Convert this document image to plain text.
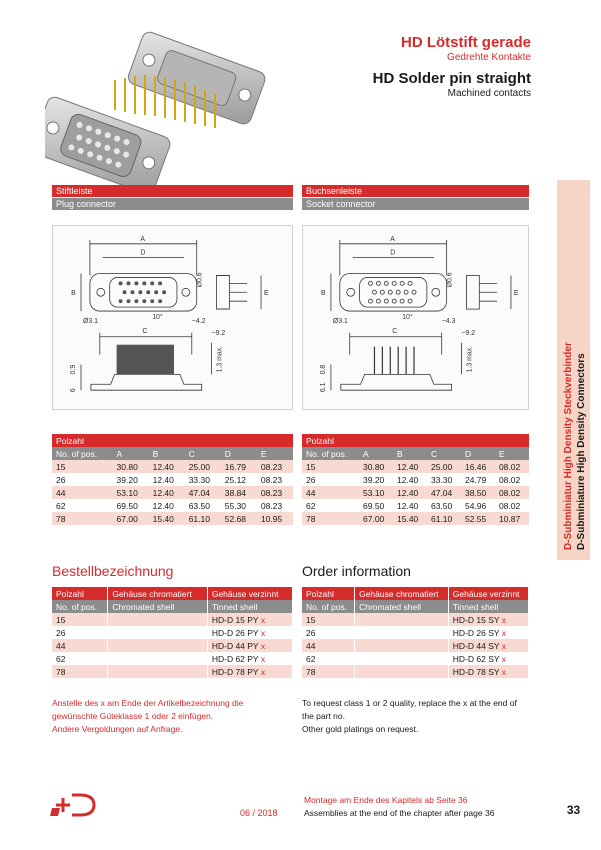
HD Lötstift gerade
Gedrehte Kontakte
HD Solder pin straight
Machined contacts
Stiftleiste
Plug connector
Buchsenleiste
Socket connector
A
D
B
Ø3.1
10°
~4.2
~9.2
E
C
Ø0.6
0.9
6
1.3 max.
A
D
B
Ø3.1
10°
~4.3
~9.2
E
C
Ø0.6
0.8
6.1
1.3 max.
Polzahl					
No. of pos.	A	B	C	D	E
15	30.80	12.40	25.00	16.79	08.23
26	39.20	12.40	33.30	25.12	08.23
44	53.10	12.40	47.04	38.84	08.23
62	69.50	12.40	63.50	55.30	08.23
78	67.00	15.40	61.10	52.68	10.95
Polzahl					
No. of pos.	A	B	C	D	E
15	30.80	12.40	25.00	16.46	08.02
26	39.20	12.40	33.30	24.79	08.02
44	53.10	12.40	47.04	38.50	08.02
62	69.50	12.40	63.50	54.96	08.02
78	67.00	15.40	61.10	52.55	10.87
Bestellbezeichnung	Order information
Polzahl	Gehäuse chromatiert	Gehäuse verzinnt
No. of pos.	Chromated shell	Tinned shell
15		HD-D 15 PY x
26		HD-D 26 PY x
44		HD-D 44 PY x
62		HD-D 62 PY x
78		HD-D 78 PY x
Polzahl	Gehäuse chromatiert	Gehäuse verzinnt
No. of pos.	Chromated shell	Tinned shell
15		HD-D 15 SY x
26		HD-D 26 SY x
44		HD-D 44 SY x
62		HD-D 62 SY x
78		HD-D 78 SY x
Anstelle des x am Ende der Artikelbezeichnung die
gewünschte Güteklasse 1 oder 2 einfügen.
Andere Vergoldungen auf Anfrage.
To request class 1 or 2 quality, replace the x at the end of
the part no.
Other gold platings on request.
D-Subminiatur High Density Steckverbinder D-Subminiature High Density Connectors
06 / 2018
Montage am Ende des Kapitels ab Seite 36
Assemblies at the end of the chapter after page 36	33
